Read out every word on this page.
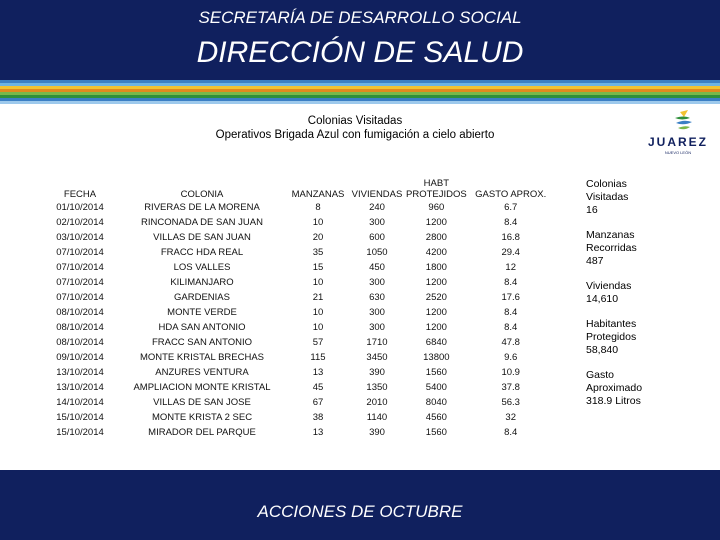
SECRETARÍA DE DESARROLLO SOCIAL
DIRECCIÓN DE SALUD
Colonias Visitadas
Operativos Brigada Azul con fumigación a cielo abierto	JUAREZ
NUEVO LEÓN
FECHA	COLONIA	MANZANAS	VIVIENDAS	HABT PROTEJIDOS	GASTO APROX.
01/10/2014	RIVERAS DE LA MORENA	8	240	960	6.7
02/10/2014	RINCONADA DE SAN JUAN	10	300	1200	8.4
03/10/2014	VILLAS DE SAN JUAN	20	600	2800	16.8
07/10/2014	FRACC HDA REAL	35	1050	4200	29.4
07/10/2014	LOS VALLES	15	450	1800	12
07/10/2014	KILIMANJARO	10	300	1200	8.4
07/10/2014	GARDENIAS	21	630	2520	17.6
08/10/2014	MONTE VERDE	10	300	1200	8.4
08/10/2014	HDA SAN ANTONIO	10	300	1200	8.4
08/10/2014	FRACC SAN ANTONIO	57	1710	6840	47.8
09/10/2014	MONTE KRISTAL BRECHAS	115	3450	13800	9.6
13/10/2014	ANZURES VENTURA	13	390	1560	10.9
13/10/2014	AMPLIACION MONTE KRISTAL	45	1350	5400	37.8
14/10/2014	VILLAS DE SAN JOSE	67	2010	8040	56.3
15/10/2014	MONTE KRISTA 2 SEC	38	1140	4560	32
15/10/2014	MIRADOR DEL PARQUE	13	390	1560	8.4
Colonias
Visitadas
16
Manzanas
Recorridas
487
Viviendas
14,610
Habitantes
Protegidos
58,840
Gasto
Aproximado
318.9 Litros
ACCIONES DE OCTUBRE
